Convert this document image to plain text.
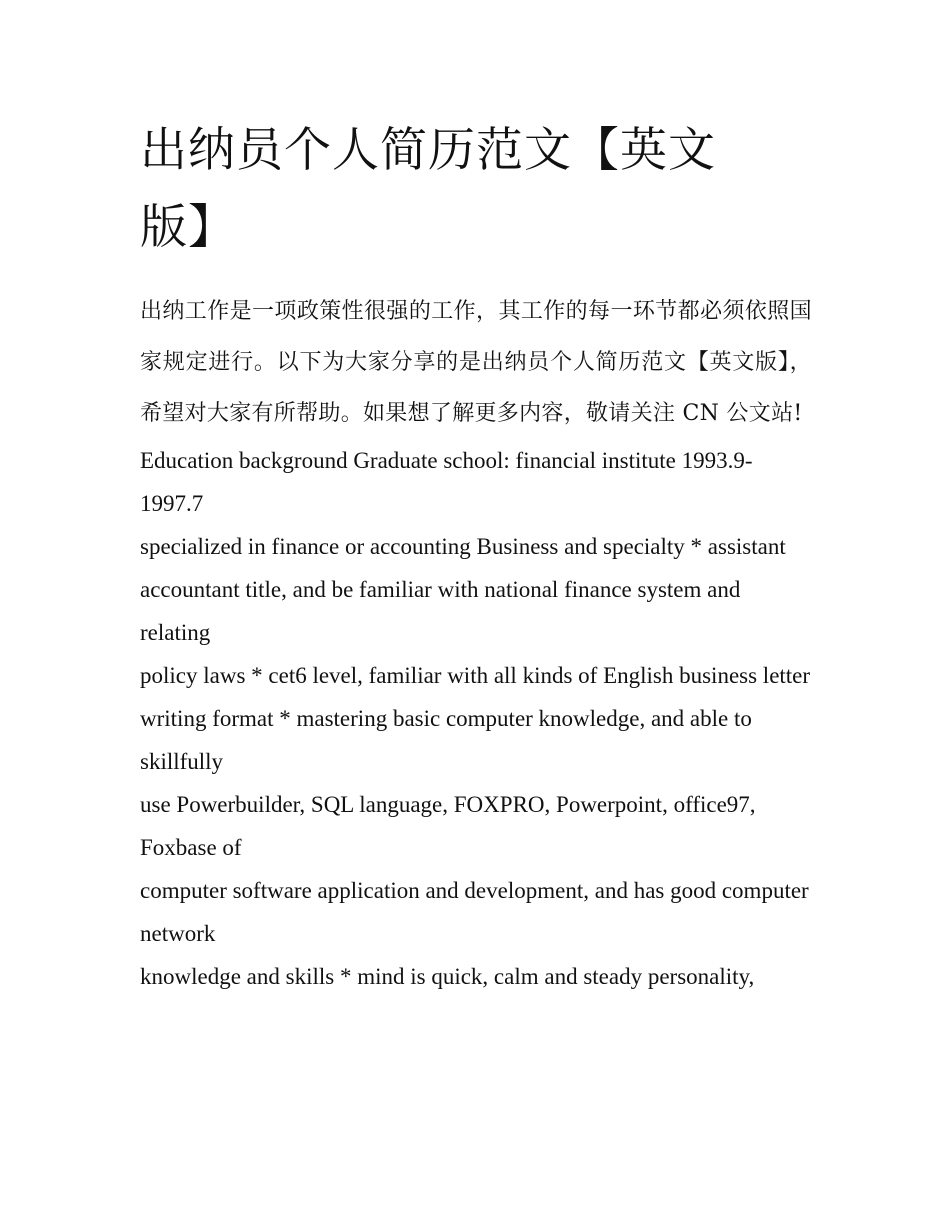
出纳员个人简历范文【英文版】

出纳工作是一项政策性很强的工作，其工作的每一环节都必须依照国家规定进行。以下为大家分享的是出纳员个人简历范文【英文版】，希望对大家有所帮助。如果想了解更多内容，敬请关注 CN 公文站!

Education background Graduate school: financial institute 1993.9-1997.7

specialized in finance or accounting Business and specialty * assistant

accountant title, and be familiar with national finance system and relating

policy laws * cet6 level, familiar with all kinds of English business letter

writing format * mastering basic computer knowledge, and able to skillfully

use Powerbuilder, SQL language, FOXPRO, Powerpoint, office97, Foxbase of

computer software application and development, and has good computer network

knowledge and skills * mind is quick, calm and steady personality,
